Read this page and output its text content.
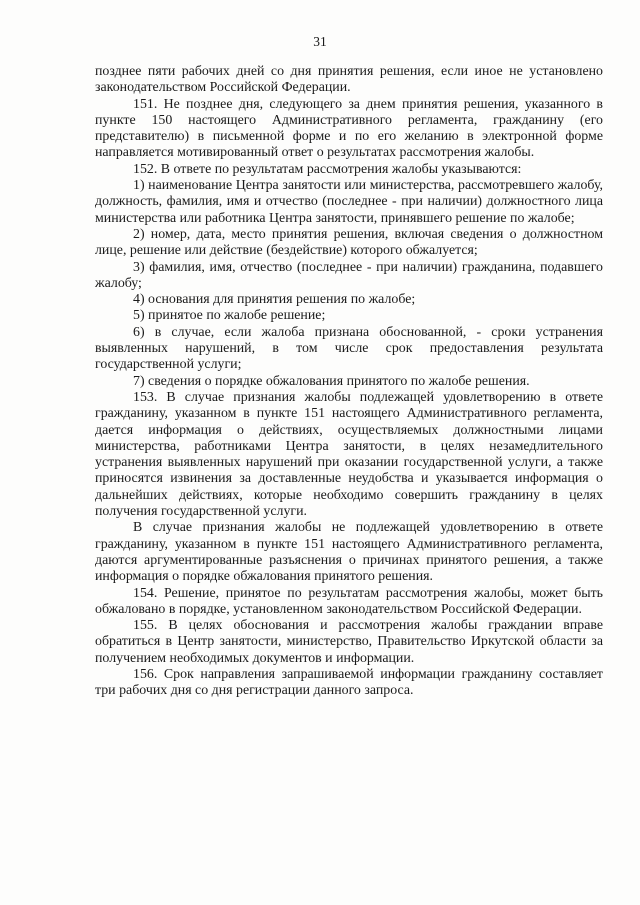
31

позднее пяти рабочих дней со дня принятия решения, если иное не установлено законодательством Российской Федерации.

151. Не позднее дня, следующего за днем принятия решения, указанного в пункте 150 настоящего Административного регламента, гражданину (его представителю) в письменной форме и по его желанию в электронной форме направляется мотивированный ответ о результатах рассмотрения жалобы.

152. В ответе по результатам рассмотрения жалобы указываются:

1) наименование Центра занятости или министерства, рассмотревшего жалобу, должность, фамилия, имя и отчество (последнее - при наличии) должностного лица министерства или работника Центра занятости, принявшего решение по жалобе;

2) номер, дата, место принятия решения, включая сведения о должностном лице, решение или действие (бездействие) которого обжалуется;

3) фамилия, имя, отчество (последнее - при наличии) гражданина, подавшего жалобу;

4) основания для принятия решения по жалобе;

5) принятое по жалобе решение;

6) в случае, если жалоба признана обоснованной, - сроки устранения выявленных нарушений, в том числе срок предоставления результата государственной услуги;

7) сведения о порядке обжалования принятого по жалобе решения.

153. В случае признания жалобы подлежащей удовлетворению в ответе гражданину, указанном в пункте 151 настоящего Административного регламента, дается информация о действиях, осуществляемых должностными лицами министерства, работниками Центра занятости, в целях незамедлительного устранения выявленных нарушений при оказании государственной услуги, а также приносятся извинения за доставленные неудобства и указывается информация о дальнейших действиях, которые необходимо совершить гражданину в целях получения государственной услуги.

В случае признания жалобы не подлежащей удовлетворению в ответе гражданину, указанном в пункте 151 настоящего Административного регламента, даются аргументированные разъяснения о причинах принятого решения, а также информация о порядке обжалования принятого решения.

154. Решение, принятое по результатам рассмотрения жалобы, может быть обжаловано в порядке, установленном законодательством Российской Федерации.

155. В целях обоснования и рассмотрения жалобы граждании вправе обратиться в Центр занятости, министерство, Правительство Иркутской области за получением необходимых документов и информации.

156. Срок направления запрашиваемой информации гражданину составляет три рабочих дня со дня регистрации данного запроса.
